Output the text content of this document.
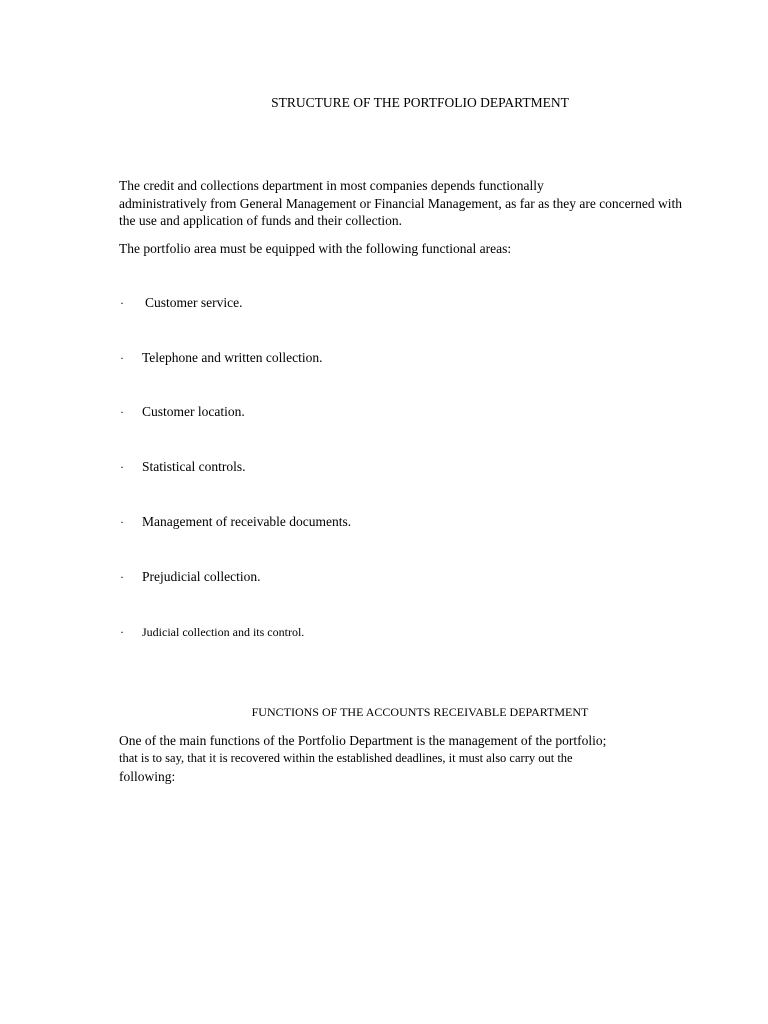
STRUCTURE OF THE PORTFOLIO DEPARTMENT
The credit and collections department in most companies depends functionally
administratively from General Management or Financial Management, as far as they are concerned with
the use and application of funds and their collection.
The portfolio area must be equipped with the following functional areas:
· Customer service.
· Telephone and written collection.
· Customer location.
· Statistical controls.
· Management of receivable documents.
· Prejudicial collection.
· Judicial collection and its control.
FUNCTIONS OF THE ACCOUNTS RECEIVABLE DEPARTMENT
One of the main functions of the Portfolio Department is the management of the portfolio;
that is to say, that it is recovered within the established deadlines, it must also carry out the
following:
